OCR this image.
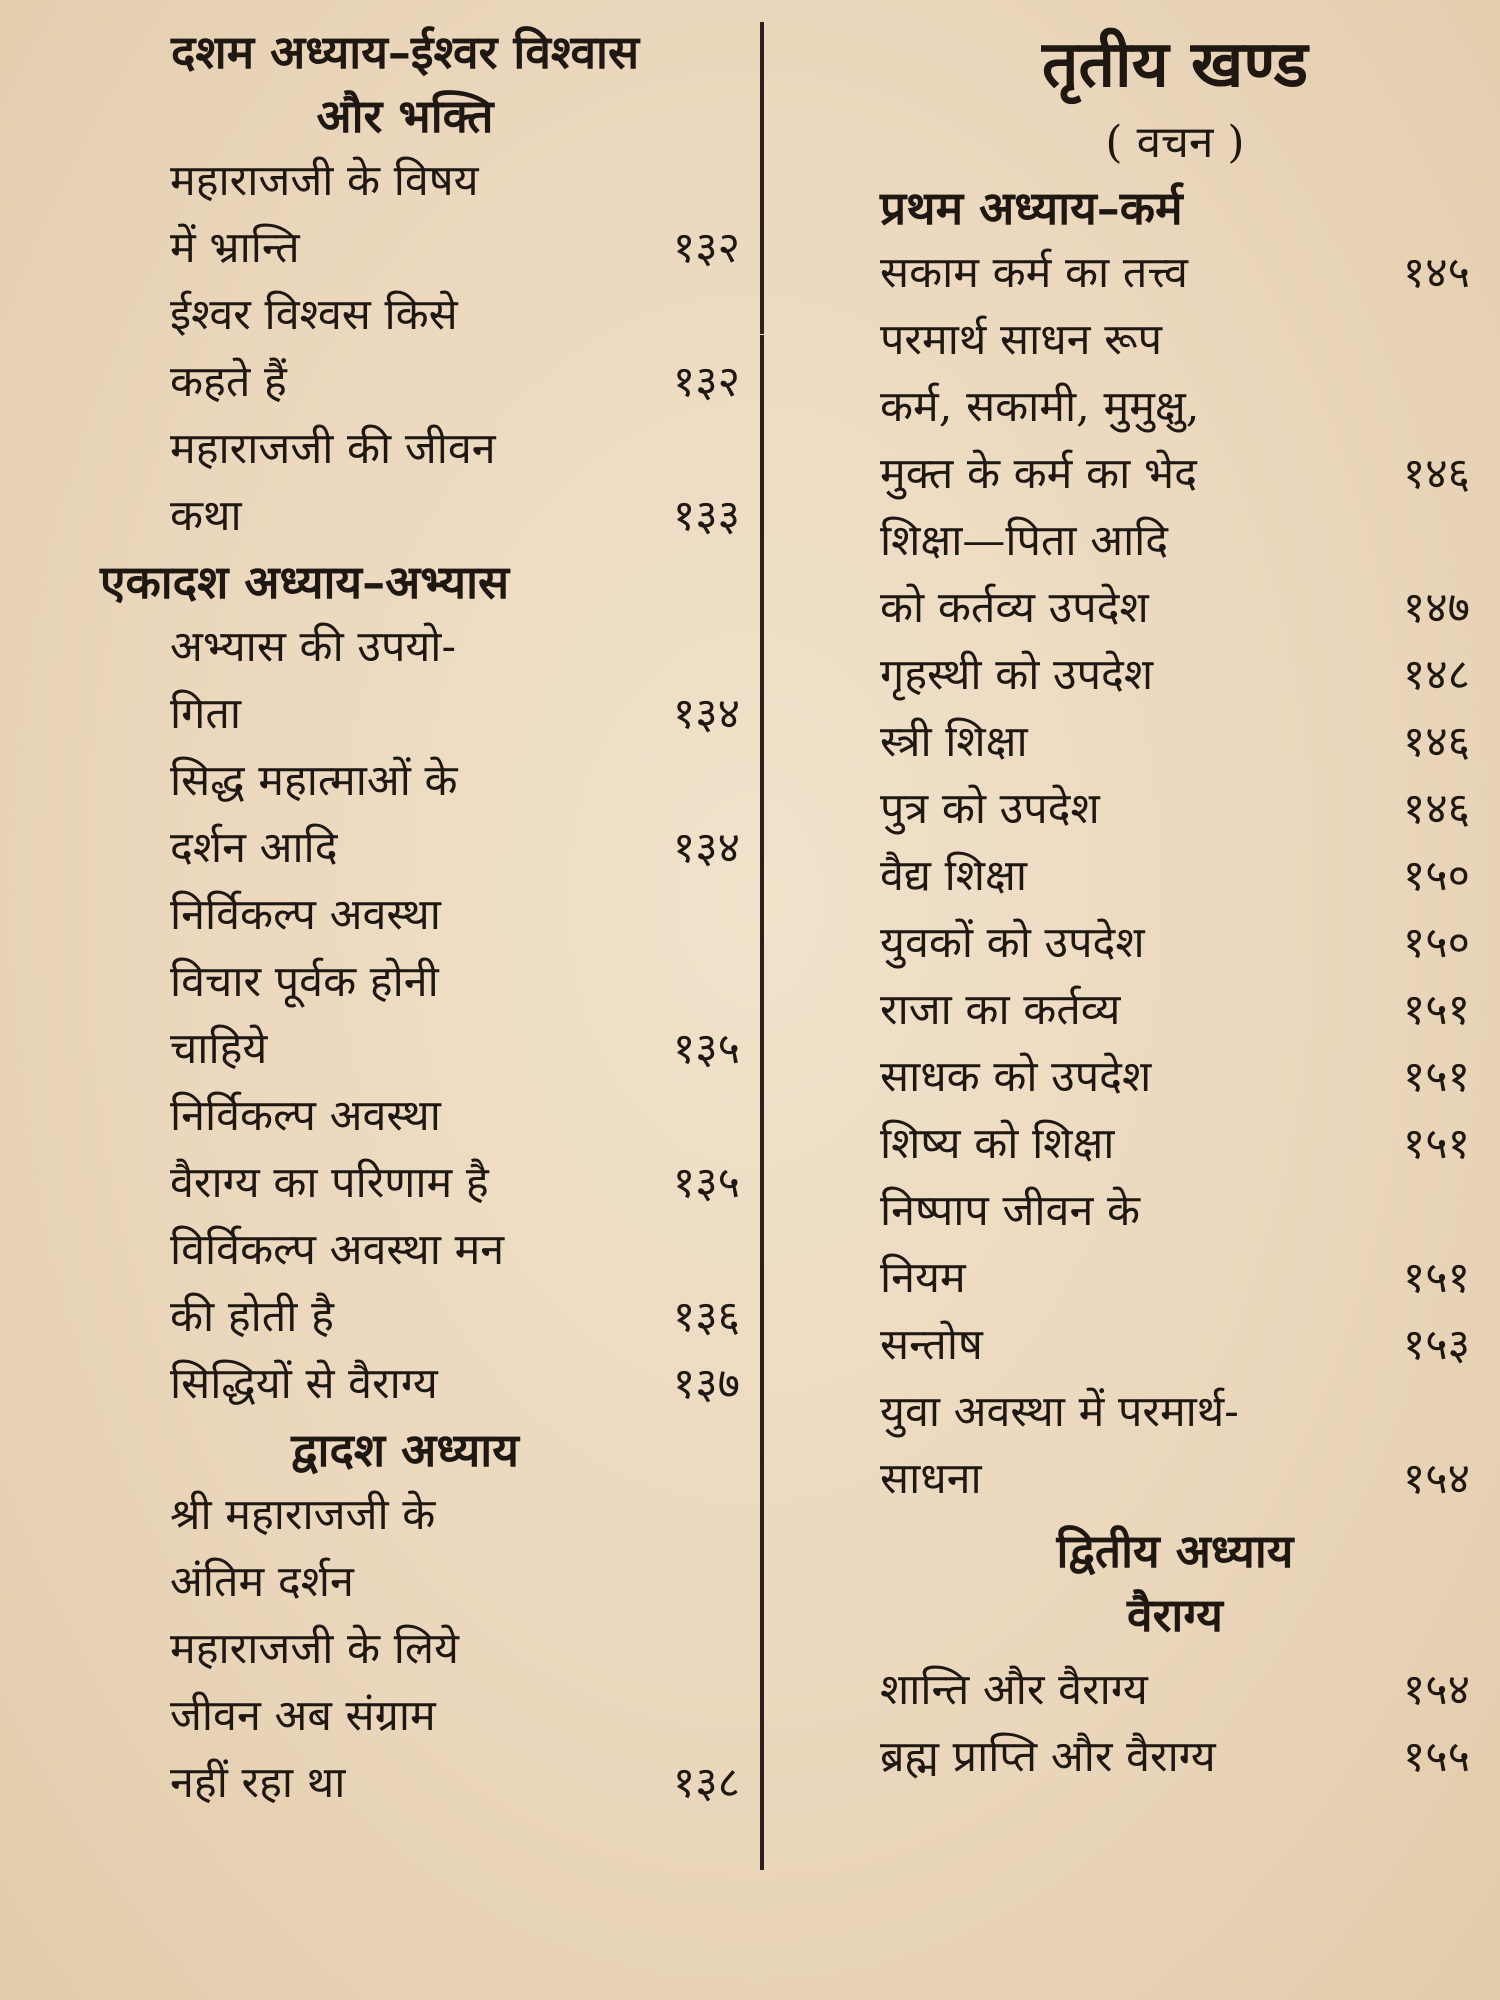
दशम अध्याय–ईश्वर विश्वास
और भक्ति
महाराजजी के विषय
में भ्रान्ति	१३२
ईश्वर विश्वस किसे
कहते हैं	१३२
महाराजजी की जीवन
कथा	१३३
एकादश अध्याय–अभ्यास
अभ्यास की उपयो-
गिता	१३४
सिद्ध महात्माओं के
दर्शन आदि	१३४
निर्विकल्प अवस्था
विचार पूर्वक होनी
चाहिये	१३५
निर्विकल्प अवस्था
वैराग्य का परिणाम है	१३५
विर्विकल्प अवस्था मन
की होती है	१३६
सिद्धियों से वैराग्य	१३७
द्वादश अध्याय
श्री महाराजजी के
अंतिम दर्शन
महाराजजी के लिये
जीवन अब संग्राम
नहीं रहा था	१३८
तृतीय खण्ड
( वचन )
प्रथम अध्याय–कर्म
सकाम कर्म का तत्त्व	१४५
परमार्थ साधन रूप
कर्म, सकामी, मुमुक्षु,
मुक्त के कर्म का भेद	१४६
शिक्षा—पिता आदि
को कर्तव्य उपदेश	१४७
गृहस्थी को उपदेश	१४८
स्त्री शिक्षा	१४६
पुत्र को उपदेश	१४६
वैद्य शिक्षा	१५०
युवकों को उपदेश	१५०
राजा का कर्तव्य	१५१
साधक को उपदेश	१५१
शिष्य को शिक्षा	१५१
निष्पाप जीवन के
नियम	१५१
सन्तोष	१५३
युवा अवस्था में परमार्थ-
साधना	१५४
द्वितीय अध्याय
वैराग्य
शान्ति और वैराग्य	१५४
ब्रह्म प्राप्ति और वैराग्य	१५५
